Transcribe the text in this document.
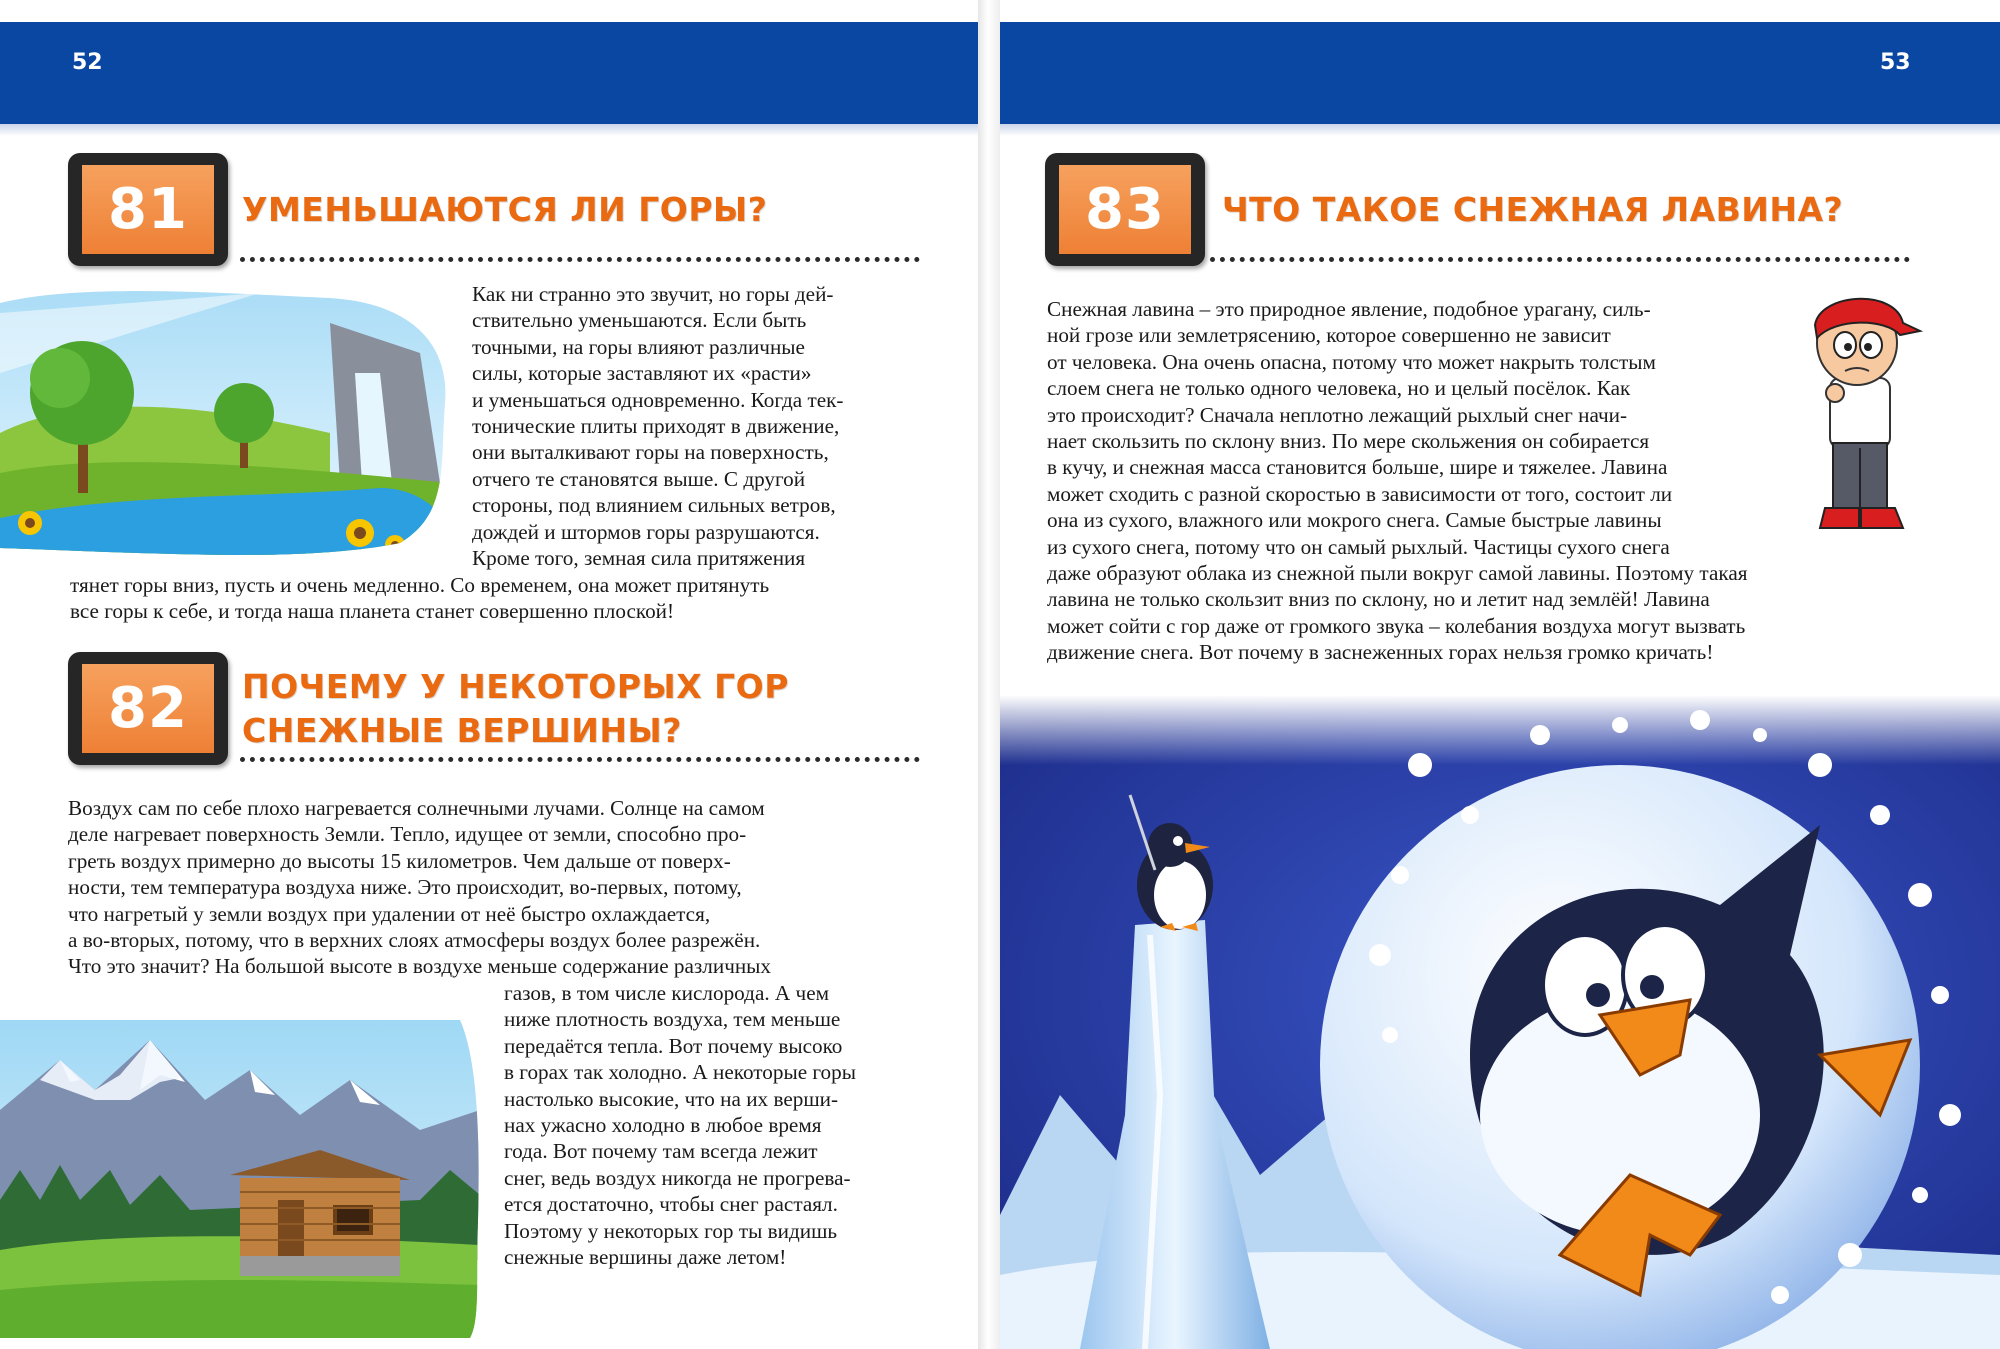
52
81 УМЕНЬШАЮТСЯ ЛИ ГОРЫ?

Как ни странно это звучит, но горы дей-

ствительно уменьшаются. Если быть

точными, на горы влияют различные

силы, которые заставляют их «расти»

и уменьшаться одновременно. Когда тек-

тонические плиты приходят в движение,

они выталкивают горы на поверхность,

отчего те становятся выше. С другой

стороны, под влиянием сильных ветров,

дождей и штормов горы разрушаются.

Кроме того, земная сила притяжения

тянет горы вниз, пусть и очень медленно. Со временем, она может притянуть

все горы к себе, и тогда наша планета станет совершенно плоской!

82 ПОЧЕМУ У НЕКОТОРЫХ ГОР
СНЕЖНЫЕ ВЕРШИНЫ?

Воздух сам по себе плохо нагревается солнечными лучами. Солнце на самом

деле нагревает поверхность Земли. Тепло, идущее от земли, способно про-

греть воздух примерно до высоты 15 километров. Чем дальше от поверх-

ности, тем температура воздуха ниже. Это происходит, во-первых, потому,

что нагретый у земли воздух при удалении от неё быстро охлаждается,

а во-вторых, потому, что в верхних слоях атмосферы воздух более разрежён.

Что это значит? На большой высоте в воздухе меньше содержание различных

газов, в том числе кислорода. А чем

ниже плотность воздуха, тем меньше

передаётся тепла. Вот почему высоко

в горах так холодно. А некоторые горы

настолько высокие, что на их верши-

нах ужасно холодно в любое время

года. Вот почему там всегда лежит

снег, ведь воздух никогда не прогрева-

ется достаточно, чтобы снег растаял.

Поэтому у некоторых гор ты видишь

снежные вершины даже летом!

53
83 ЧТО ТАКОЕ СНЕЖНАЯ ЛАВИНА?

Снежная лавина – это природное явление, подобное урагану, силь-

ной грозе или землетрясению, которое совершенно не зависит

от человека. Она очень опасна, потому что может накрыть толстым

слоем снега не только одного человека, но и целый посёлок. Как

это происходит? Сначала неплотно лежащий рыхлый снег начи-

нает скользить по склону вниз. По мере скольжения он собирается

в кучу, и снежная масса становится больше, шире и тяжелее. Лавина

может сходить с разной скоростью в зависимости от того, состоит ли

она из сухого, влажного или мокрого снега. Самые быстрые лавины

из сухого снега, потому что он самый рыхлый. Частицы сухого снега

даже образуют облака из снежной пыли вокруг самой лавины. Поэтому такая

лавина не только скользит вниз по склону, но и летит над землёй! Лавина

может сойти с гор даже от громкого звука – колебания воздуха могут вызвать

движение снега. Вот почему в заснеженных горах нельзя громко кричать!
